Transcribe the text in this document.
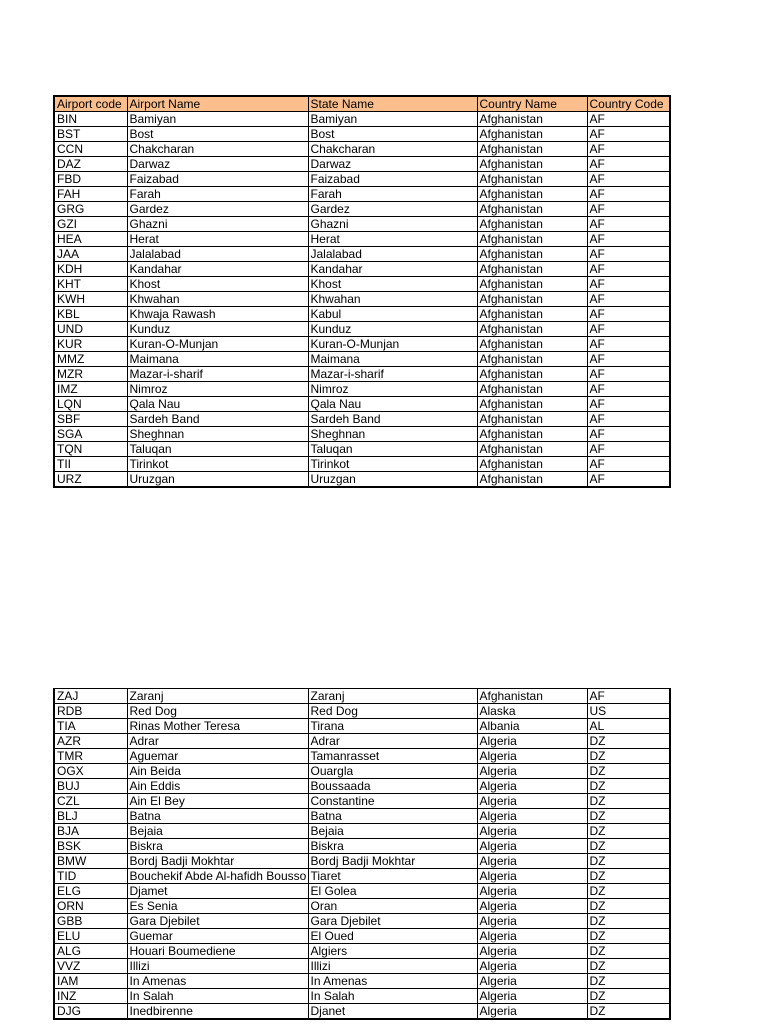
Airport code	Airport Name	State Name	Country Name	Country Code
BIN	Bamiyan	Bamiyan	Afghanistan	AF
BST	Bost	Bost	Afghanistan	AF
CCN	Chakcharan	Chakcharan	Afghanistan	AF
DAZ	Darwaz	Darwaz	Afghanistan	AF
FBD	Faizabad	Faizabad	Afghanistan	AF
FAH	Farah	Farah	Afghanistan	AF
GRG	Gardez	Gardez	Afghanistan	AF
GZI	Ghazni	Ghazni	Afghanistan	AF
HEA	Herat	Herat	Afghanistan	AF
JAA	Jalalabad	Jalalabad	Afghanistan	AF
KDH	Kandahar	Kandahar	Afghanistan	AF
KHT	Khost	Khost	Afghanistan	AF
KWH	Khwahan	Khwahan	Afghanistan	AF
KBL	Khwaja Rawash	Kabul	Afghanistan	AF
UND	Kunduz	Kunduz	Afghanistan	AF
KUR	Kuran-O-Munjan	Kuran-O-Munjan	Afghanistan	AF
MMZ	Maimana	Maimana	Afghanistan	AF
MZR	Mazar-i-sharif	Mazar-i-sharif	Afghanistan	AF
IMZ	Nimroz	Nimroz	Afghanistan	AF
LQN	Qala Nau	Qala Nau	Afghanistan	AF
SBF	Sardeh Band	Sardeh Band	Afghanistan	AF
SGA	Sheghnan	Sheghnan	Afghanistan	AF
TQN	Taluqan	Taluqan	Afghanistan	AF
TII	Tirinkot	Tirinkot	Afghanistan	AF
URZ	Uruzgan	Uruzgan	Afghanistan	AF
ZAJ	Zaranj	Zaranj	Afghanistan	AF
RDB	Red Dog	Red Dog	Alaska	US
TIA	Rinas Mother Teresa	Tirana	Albania	AL
AZR	Adrar	Adrar	Algeria	DZ
TMR	Aguemar	Tamanrasset	Algeria	DZ
OGX	Ain Beida	Ouargla	Algeria	DZ
BUJ	Ain Eddis	Boussaada	Algeria	DZ
CZL	Ain El Bey	Constantine	Algeria	DZ
BLJ	Batna	Batna	Algeria	DZ
BJA	Bejaia	Bejaia	Algeria	DZ
BSK	Biskra	Biskra	Algeria	DZ
BMW	Bordj Badji Mokhtar	Bordj Badji Mokhtar	Algeria	DZ
TID	Bouchekif Abde Al-hafidh Bousso	Tiaret	Algeria	DZ
ELG	Djamet	El Golea	Algeria	DZ
ORN	Es Senia	Oran	Algeria	DZ
GBB	Gara Djebilet	Gara Djebilet	Algeria	DZ
ELU	Guemar	El Oued	Algeria	DZ
ALG	Houari Boumediene	Algiers	Algeria	DZ
VVZ	Illizi	Illizi	Algeria	DZ
IAM	In Amenas	In Amenas	Algeria	DZ
INZ	In Salah	In Salah	Algeria	DZ
DJG	Inedbirenne	Djanet	Algeria	DZ
